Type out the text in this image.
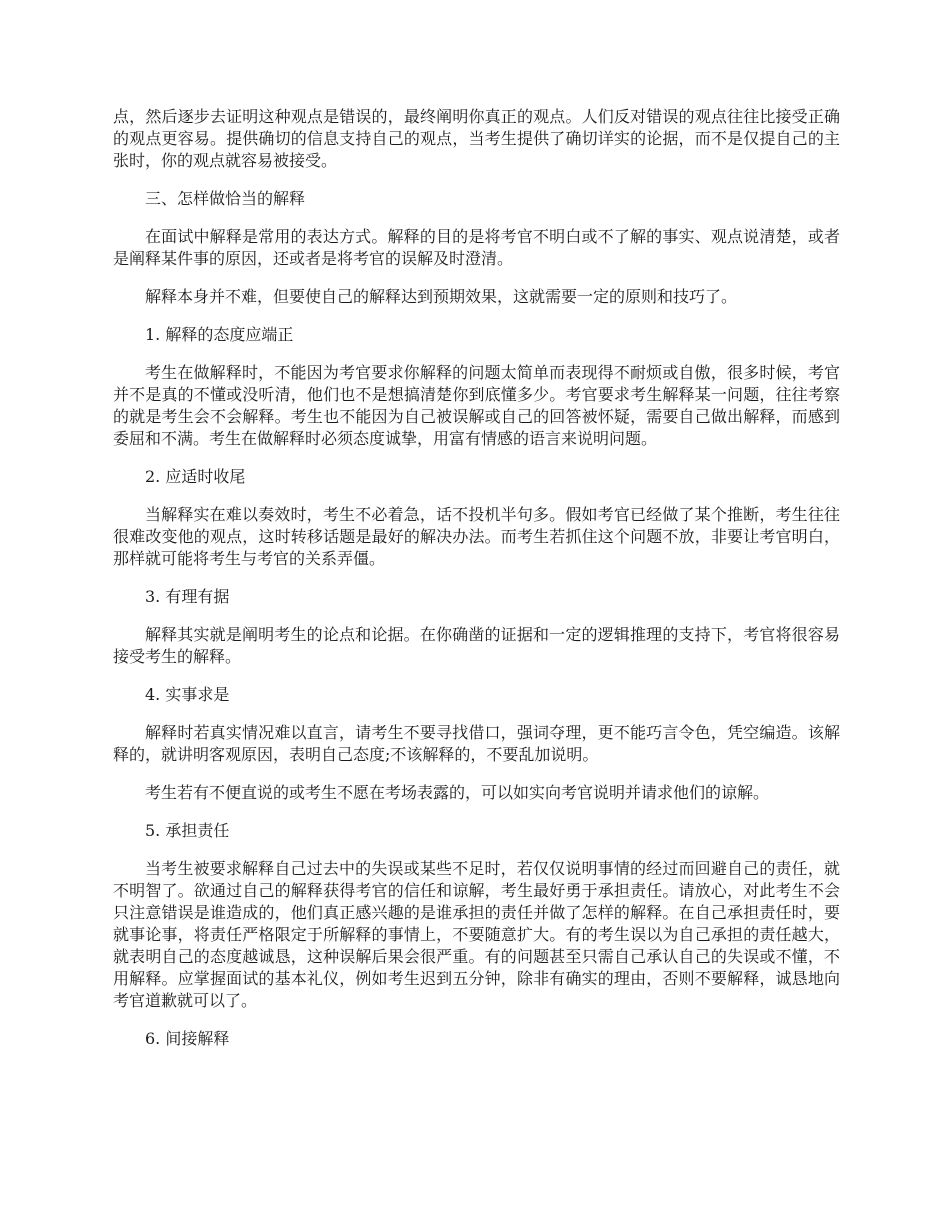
点，然后逐步去证明这种观点是错误的，最终阐明你真正的观点。人们反对错误的观点往往比接受正确的观点更容易。提供确切的信息支持自己的观点，当考生提供了确切详实的论据，而不是仅提自己的主张时，你的观点就容易被接受。

三、怎样做恰当的解释

在面试中解释是常用的表达方式。解释的目的是将考官不明白或不了解的事实、观点说清楚，或者是阐释某件事的原因，还或者是将考官的误解及时澄清。

解释本身并不难，但要使自己的解释达到预期效果，这就需要一定的原则和技巧了。

1. 解释的态度应端正

考生在做解释时，不能因为考官要求你解释的问题太简单而表现得不耐烦或自傲，很多时候，考官并不是真的不懂或没听清，他们也不是想搞清楚你到底懂多少。考官要求考生解释某一问题，往往考察的就是考生会不会解释。考生也不能因为自己被误解或自己的回答被怀疑，需要自己做出解释，而感到委屈和不满。考生在做解释时必须态度诚挚，用富有情感的语言来说明问题。

2. 应适时收尾

当解释实在难以奏效时，考生不必着急，话不投机半句多。假如考官已经做了某个推断，考生往往很难改变他的观点，这时转移话题是最好的解决办法。而考生若抓住这个问题不放，非要让考官明白，那样就可能将考生与考官的关系弄僵。

3. 有理有据

解释其实就是阐明考生的论点和论据。在你确凿的证据和一定的逻辑推理的支持下，考官将很容易接受考生的解释。

4. 实事求是

解释时若真实情况难以直言，请考生不要寻找借口，强词夺理，更不能巧言令色，凭空编造。该解释的，就讲明客观原因，表明自己态度;不该解释的，不要乱加说明。

考生若有不便直说的或考生不愿在考场表露的，可以如实向考官说明并请求他们的谅解。

5. 承担责任

当考生被要求解释自己过去中的失误或某些不足时，若仅仅说明事情的经过而回避自己的责任，就不明智了。欲通过自己的解释获得考官的信任和谅解，考生最好勇于承担责任。请放心，对此考生不会只注意错误是谁造成的，他们真正感兴趣的是谁承担的责任并做了怎样的解释。在自己承担责任时，要就事论事，将责任严格限定于所解释的事情上，不要随意扩大。有的考生误以为自己承担的责任越大，就表明自己的态度越诚恳，这种误解后果会很严重。有的问题甚至只需自己承认自己的失误或不懂，不用解释。应掌握面试的基本礼仪，例如考生迟到五分钟，除非有确实的理由，否则不要解释，诚恳地向考官道歉就可以了。

6. 间接解释
